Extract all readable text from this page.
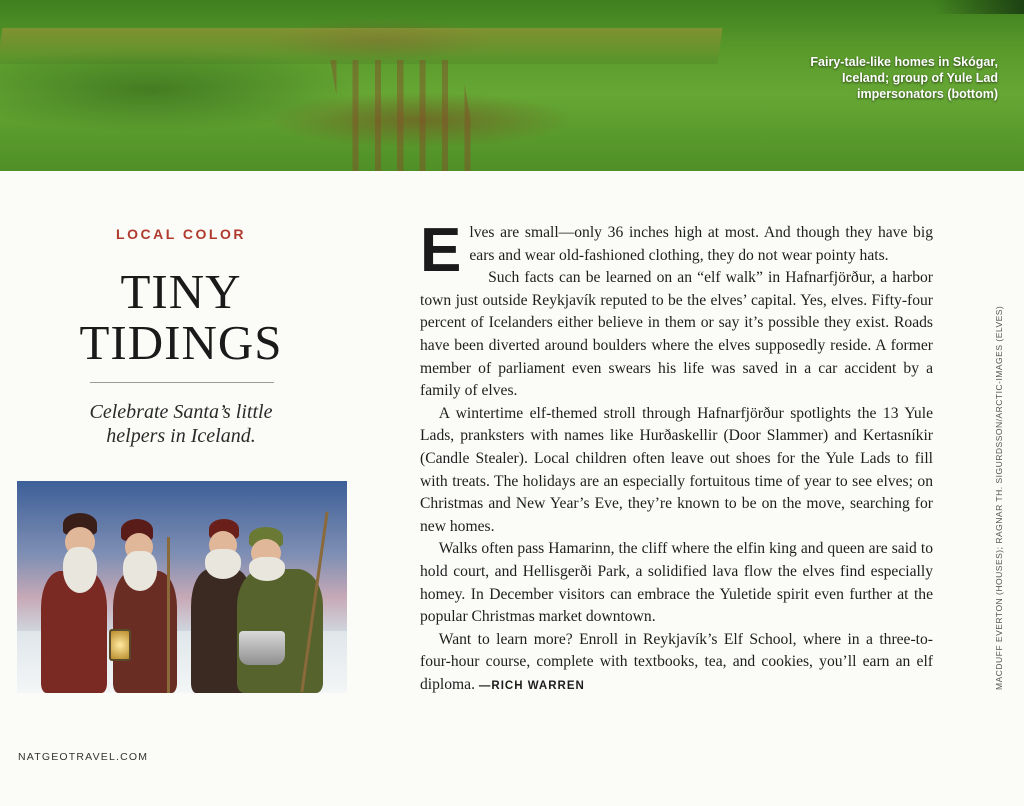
Fairy-tale-like homes in Skógar, Iceland; group of Yule Lad impersonators (bottom)
LOCAL COLOR
TINY
TIDINGS
Celebrate Santa’s little helpers in Iceland.

Elves are small—only 36 inches high at most. And though they have big ears and wear old-fashioned clothing, they do not wear pointy hats.

Such facts can be learned on an “elf walk” in Hafnarfjörður, a harbor town just outside Reykjavík reputed to be the elves’ capital. Yes, elves. Fifty-four percent of Icelanders either believe in them or say it’s possible they exist. Roads have been diverted around boulders where the elves supposedly reside. A former member of parliament even swears his life was saved in a car accident by a family of elves.

A wintertime elf-themed stroll through Hafnarfjörður spotlights the 13 Yule Lads, pranksters with names like Hurðaskellir (Door Slammer) and Kertasníkir (Candle Stealer). Local children often leave out shoes for the Yule Lads to fill with treats. The holidays are an especially fortuitous time of year to see elves; on Christmas and New Year’s Eve, they’re known to be on the move, searching for new homes.

Walks often pass Hamarinn, the cliff where the elfin king and queen are said to hold court, and Hellisgerði Park, a solidified lava flow the elves find especially homey. In December visitors can embrace the Yuletide spirit even further at the popular Christmas market downtown.

Want to learn more? Enroll in Reykjavík’s Elf School, where in a three-to-four-hour course, complete with textbooks, tea, and cookies, you’ll earn an elf diploma. —RICH WARREN	MACDUFF EVERTON (HOUSES); RAGNAR TH. SIGURDSSON/ARCTIC-IMAGES (ELVES)
NATGEOTRAVEL.COM
